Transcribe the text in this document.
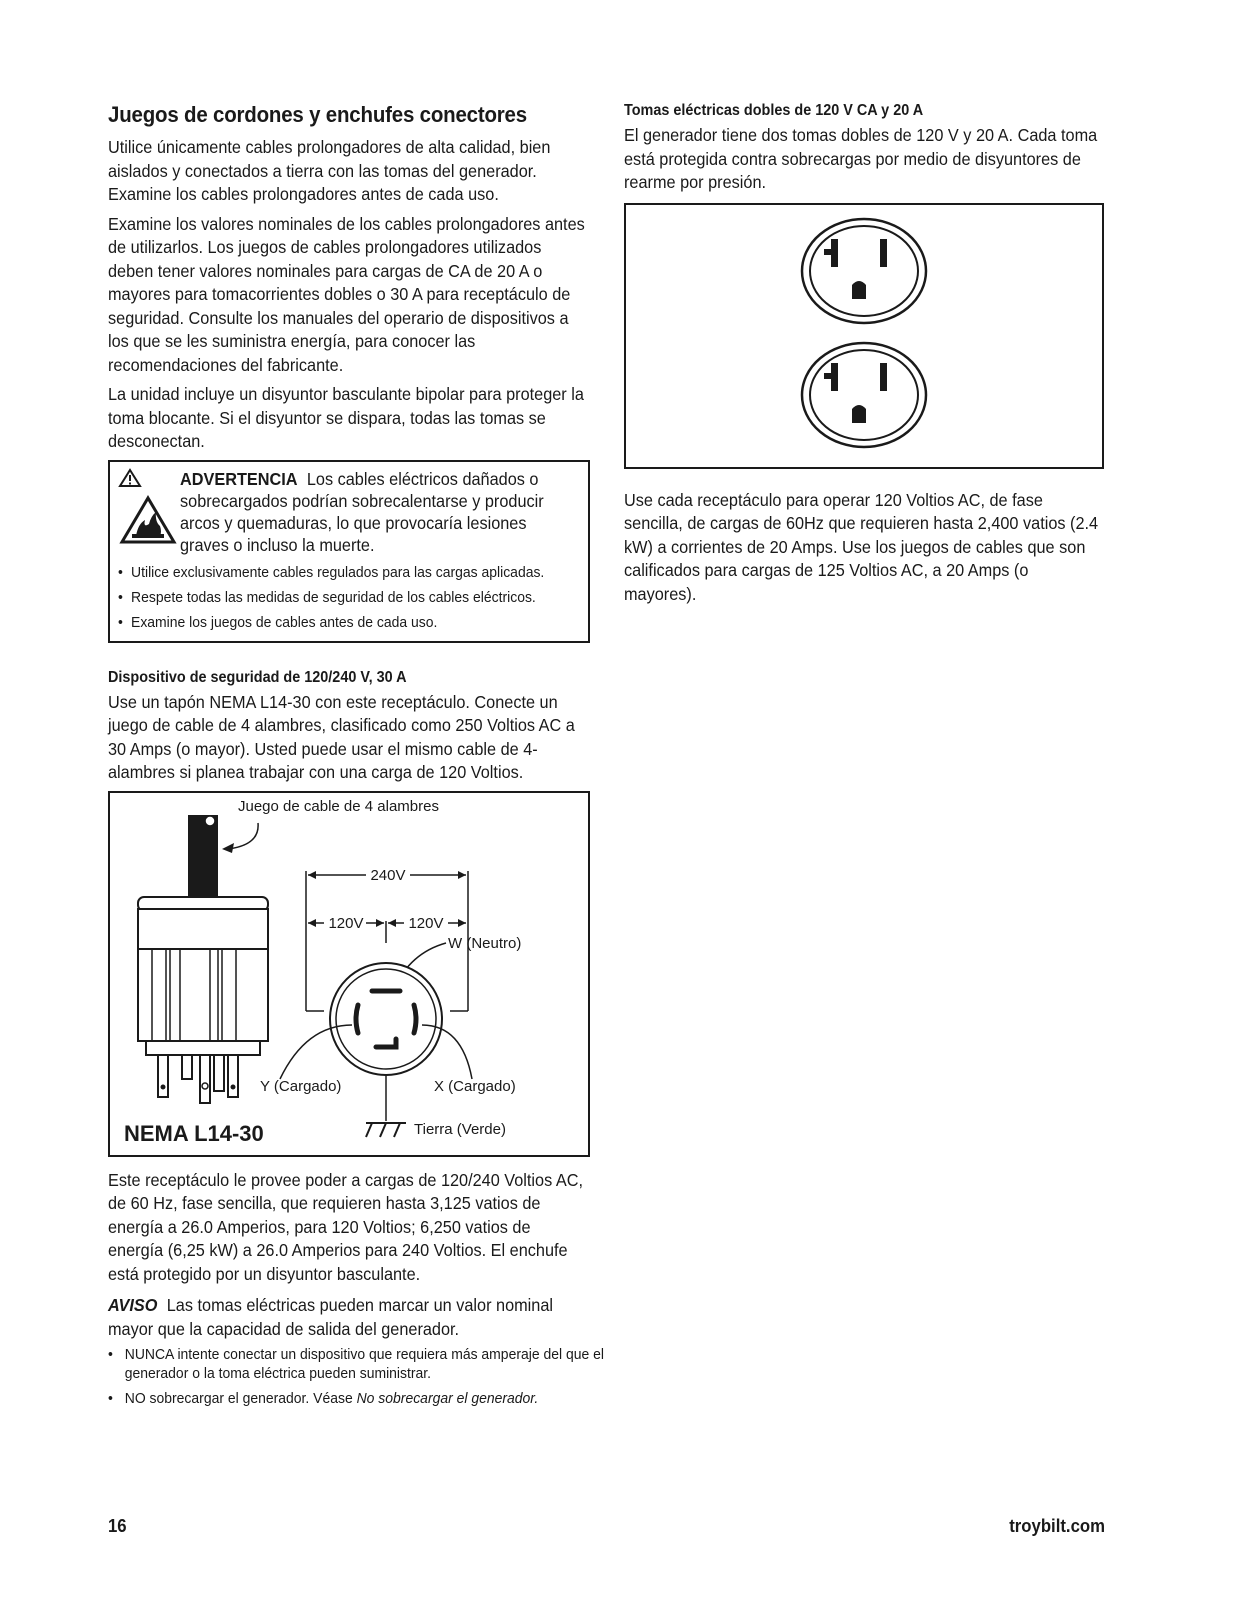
Juegos de cordones y enchufes conectores

Utilice únicamente cables prolongadores de alta calidad, bien aislados y conectados a tierra con las tomas del generador. Examine los cables prolongadores antes de cada uso.

Examine los valores nominales de los cables prolongadores antes de utilizarlos. Los juegos de cables prolongadores utilizados deben tener valores nominales para cargas de CA de 20 A o mayores para tomacorrientes dobles o 30 A para receptáculo de seguridad. Consulte los manuales del operario de dispositivos a los que se les suministra energía, para conocer las recomendaciones del fabricante.

La unidad incluye un disyuntor basculante bipolar para proteger la toma blocante. Si el disyuntor se dispara, todas las tomas se desconectan.

ADVERTENCIA Los cables eléctricos dañados o sobrecargados podrían sobrecalentarse y producir arcos y quemaduras, lo que provocaría lesiones graves o incluso la muerte.
• Utilice exclusivamente cables regulados para las cargas aplicadas.
• Respete todas las medidas de seguridad de los cables eléctricos.
• Examine los juegos de cables antes de cada uso.
Dispositivo de seguridad de 120/240 V, 30 A

Use un tapón NEMA L14-30 con este receptáculo. Conecte un juego de cable de 4 alambres, clasificado como 250 Voltios AC a 30 Amps (o mayor). Usted puede usar el mismo cable de 4-alambres si planea trabajar con una carga de 120 Voltios.

Juego de cable de 4 alambres
240V
120V	120V
W (Neutro)
Y (Cargado)	X (Cargado)
Tierra (Verde)
NEMA L14-30

Este receptáculo le provee poder a cargas de 120/240 Voltios AC, de 60 Hz, fase sencilla, que requieren hasta 3,125 vatios de energía a 26.0 Amperios, para 120 Voltios; 6,250 vatios de energía (6,25 kW) a 26.0 Amperios para 240 Voltios. El enchufe está protegido por un disyuntor basculante.

AVISO Las tomas eléctricas pueden marcar un valor nominal mayor que la capacidad de salida del generador.

• NUNCA intente conectar un dispositivo que requiera más amperaje del que el generador o la toma eléctrica pueden suministrar.
• NO sobrecargar el generador. Véase No sobrecargar el generador.
Tomas eléctricas dobles de 120 V CA y 20 A

El generador tiene dos tomas dobles de 120 V y 20 A. Cada toma está protegida contra sobrecargas por medio de disyuntores de rearme por presión.

Use cada receptáculo para operar 120 Voltios AC, de fase sencilla, de cargas de 60Hz que requieren hasta 2,400 vatios (2.4 kW) a corrientes de 20 Amps. Use los juegos de cables que son calificados para cargas de 125 Voltios AC, a 20 Amps (o mayores).

16	troybilt.com
